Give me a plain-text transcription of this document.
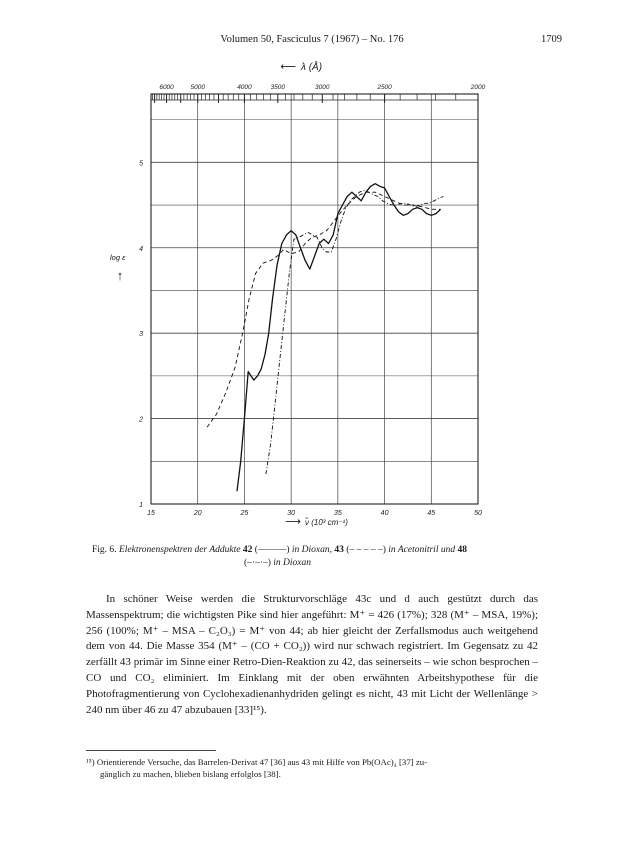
Volumen 50, Fasciculus 7 (1967) – No. 176	1709
15	20	25	30	35	40	45	50
1
2
3
4
5
6000	5000	4000	3500	3000	2500	2000
⟵ λ (Å)
log ε
↑
⟶ ν̃ (10³ cm⁻¹)
Fig. 6. Elektronenspektren der Addukte 42 (———) in Dioxan, 43 (– – – – –) in Acetonitril und 48
(–·–·–) in Dioxan

In schöner Weise werden die Strukturvorschläge 43c und d auch gestützt durch das Massenspektrum; die wichtigsten Pike sind hier angeführt: M⁺ = 426 (17%); 328 (M⁺ – MSA, 19%); 256 (100%; M⁺ – MSA – C₂O₃) = M⁺ von 44; ab hier gleicht der Zerfallsmodus auch weitgehend dem von 44. Die Masse 354 (M⁺ – (CO + CO₂)) wird nur schwach registriert. Im Gegensatz zu 42 zerfällt 43 primär im Sinne einer Retro-Dien-Reaktion zu 42, das seinerseits – wie schon besprochen – CO und CO₂ eliminiert. Im Einklang mit der oben erwähnten Arbeitshypothese für die Photofragmentierung von Cyclohexadienanhydriden gelingt es nicht, 43 mit Licht der Wellenlänge > 240 nm über 46 zu 47 abzubauen [33]¹⁵).

¹⁵) Orientierende Versuche, das Barrelen-Derivat 47 [36] aus 43 mit Hilfe von Pb(OAc)₄ [37] zu-
gänglich zu machen, blieben bislang erfolglos [38].
